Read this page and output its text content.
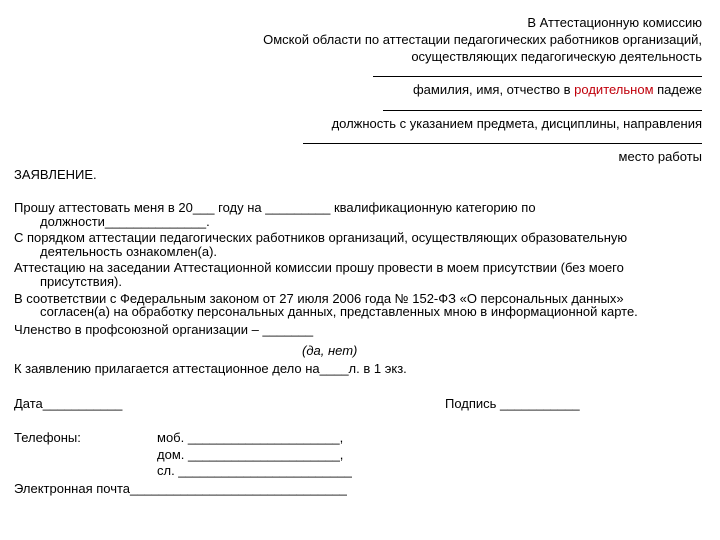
В Аттестационную комиссию
Омской области по аттестации педагогических работников организаций,
осуществляющих педагогическую деятельность
фамилия, имя, отчество в родительном падеже
должность с указанием предмета, дисциплины, направления
место работы
ЗАЯВЛЕНИЕ.
Прошу аттестовать меня в 20___ году на _________ квалификационную категорию по
должности______________.
С порядком аттестации педагогических работников организаций, осуществляющих образовательную
деятельность ознакомлен(а).
Аттестацию на заседании Аттестационной комиссии прошу провести в моем присутствии (без моего
присутствия).
В соответствии с Федеральным законом от 27 июля 2006 года № 152-ФЗ «О персональных данных»
согласен(а) на обработку персональных данных, представленных мною в информационной карте.
Членство в профсоюзной организации – _______
(да, нет)
К заявлению прилагается аттестационное дело на____л. в 1 экз.
Дата___________	Подпись ___________
Телефоны:	моб. _____________________,
дом. _____________________,
сл. ________________________
Электронная почта______________________________
